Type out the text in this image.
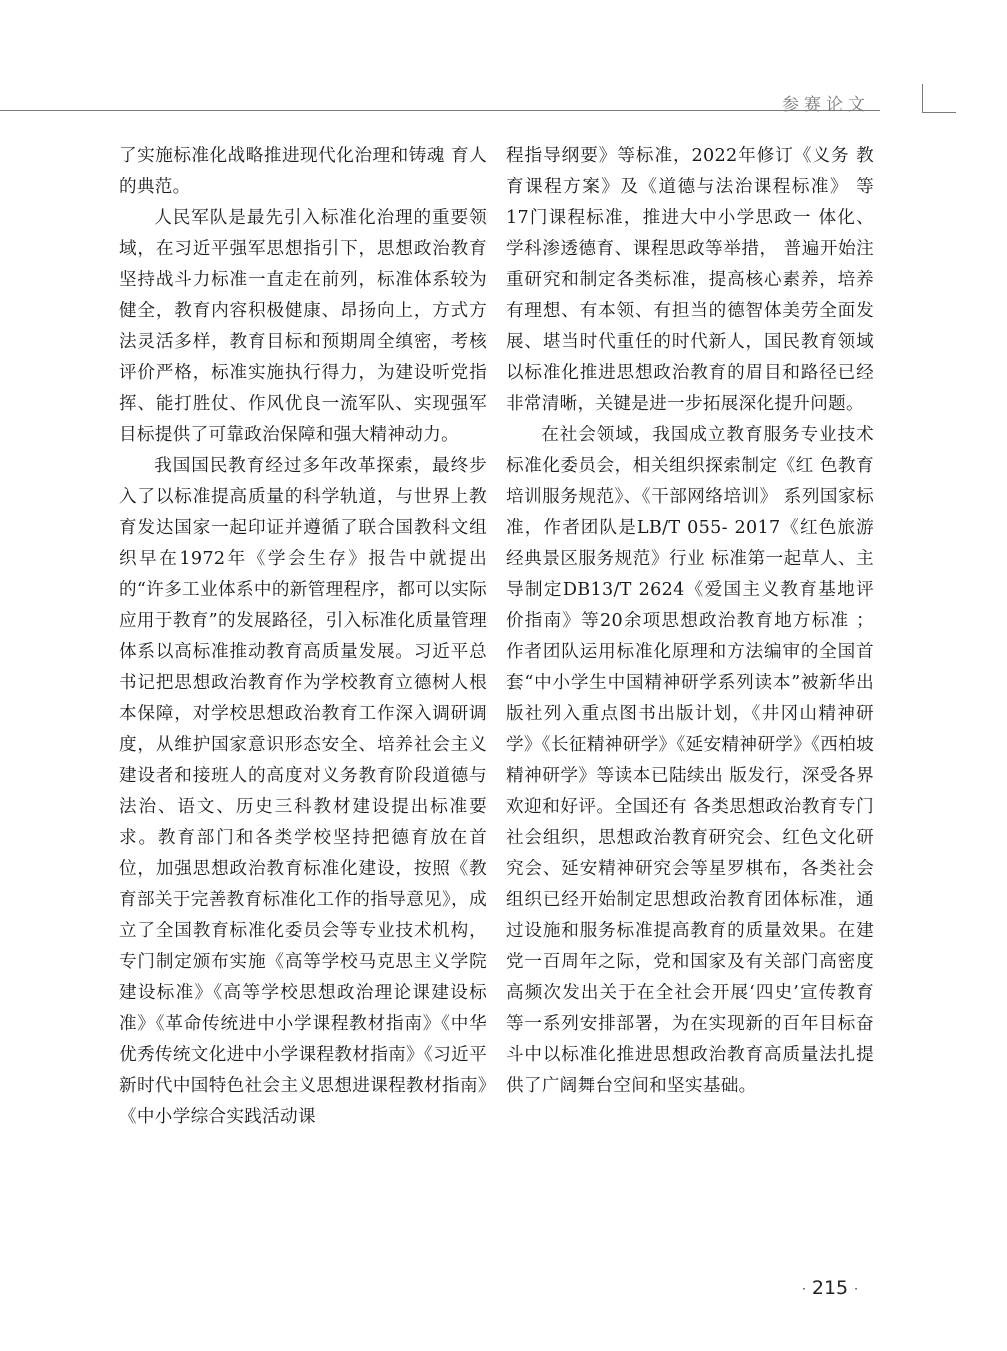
参赛论文

了实施标准化战略推进现代化治理和铸魂 育人的典范。

人民军队是最先引入标准化治理的重要领域，在习近平强军思想指引下，思想政治教育坚持战斗力标准一直走在前列，标准体系较为健全，教育内容积极健康、昂扬向上，方式方法灵活多样，教育目标和预期周全缜密，考核评价严格，标准实施执行得力，为建设听党指挥、能打胜仗、作风优良一流军队、实现强军目标提供了可靠政治保障和强大精神动力。

我国国民教育经过多年改革探索，最终步入了以标准提高质量的科学轨道，与世界上教育发达国家一起印证并遵循了联合国教科文组织早在1972年《学会生存》报告中就提出的“许多工业体系中的新管理程序，都可以实际应用于教育”的发展路径，引入标准化质量管理体系以高标准推动教育高质量发展。习近平总书记把思想政治教育作为学校教育立德树人根本保障，对学校思想政治教育工作深入调研调度，从维护国家意识形态安全、培养社会主义建设者和接班人的高度对义务教育阶段道德与法治、语文、历史三科教材建设提出标准要求。教育部门和各类学校坚持把德育放在首位，加强思想政治教育标准化建设，按照《教育部关于完善教育标准化工作的指导意见》，成立了全国教育标准化委员会等专业技术机构，专门制定颁布实施《高等学校马克思主义学院建设标准》《高等学校思想政治理论课建设标准》《革命传统进中小学课程教材指南》《中华优秀传统文化进中小学课程教材指南》《习近平新时代中国特色社会主义思想进课程教材指南》《中小学综合实践活动课

程指导纲要》等标准，2022年修订《义务 教育课程方案》及《道德与法治课程标准》 等17门课程标准，推进大中小学思政一 体化、学科渗透德育、课程思政等举措， 普遍开始注重研究和制定各类标准，提高核心素养，培养有理想、有本领、有担当的德智体美劳全面发展、堪当时代重任的时代新人，国民教育领域以标准化推进思想政治教育的眉目和路径已经非常清晰，关键是进一步拓展深化提升问题。

在社会领域，我国成立教育服务专业技术标准化委员会，相关组织探索制定《红 色教育培训服务规范》、《干部网络培训》 系列国家标准，作者团队是LB/T 055- 2017《红色旅游经典景区服务规范》行业 标准第一起草人、主导制定DB13/T 2624《爱国主义教育基地评价指南》等20余项思想政治教育地方标准 ；作者团队运用标准化原理和方法编审的全国首套“中小学生中国精神研学系列读本”被新华出版社列入重点图书出版计划，《井冈山精神研学》《长征精神研学》《延安精神研学》《西柏坡精神研学》等读本已陆续出 版发行，深受各界欢迎和好评。全国还有 各类思想政治教育专门社会组织，思想政治教育研究会、红色文化研究会、延安精神研究会等星罗棋布，各类社会组织已经开始制定思想政治教育团体标准，通过设施和服务标准提高教育的质量效果。在建党一百周年之际，党和国家及有关部门高密度高频次发出关于在全社会开展‘四史’宣传教育等一系列安排部署，为在实现新的百年目标奋斗中以标准化推进思想政治教育高质量法扎提供了广阔舞台空间和坚实基础。

· 215 ·
